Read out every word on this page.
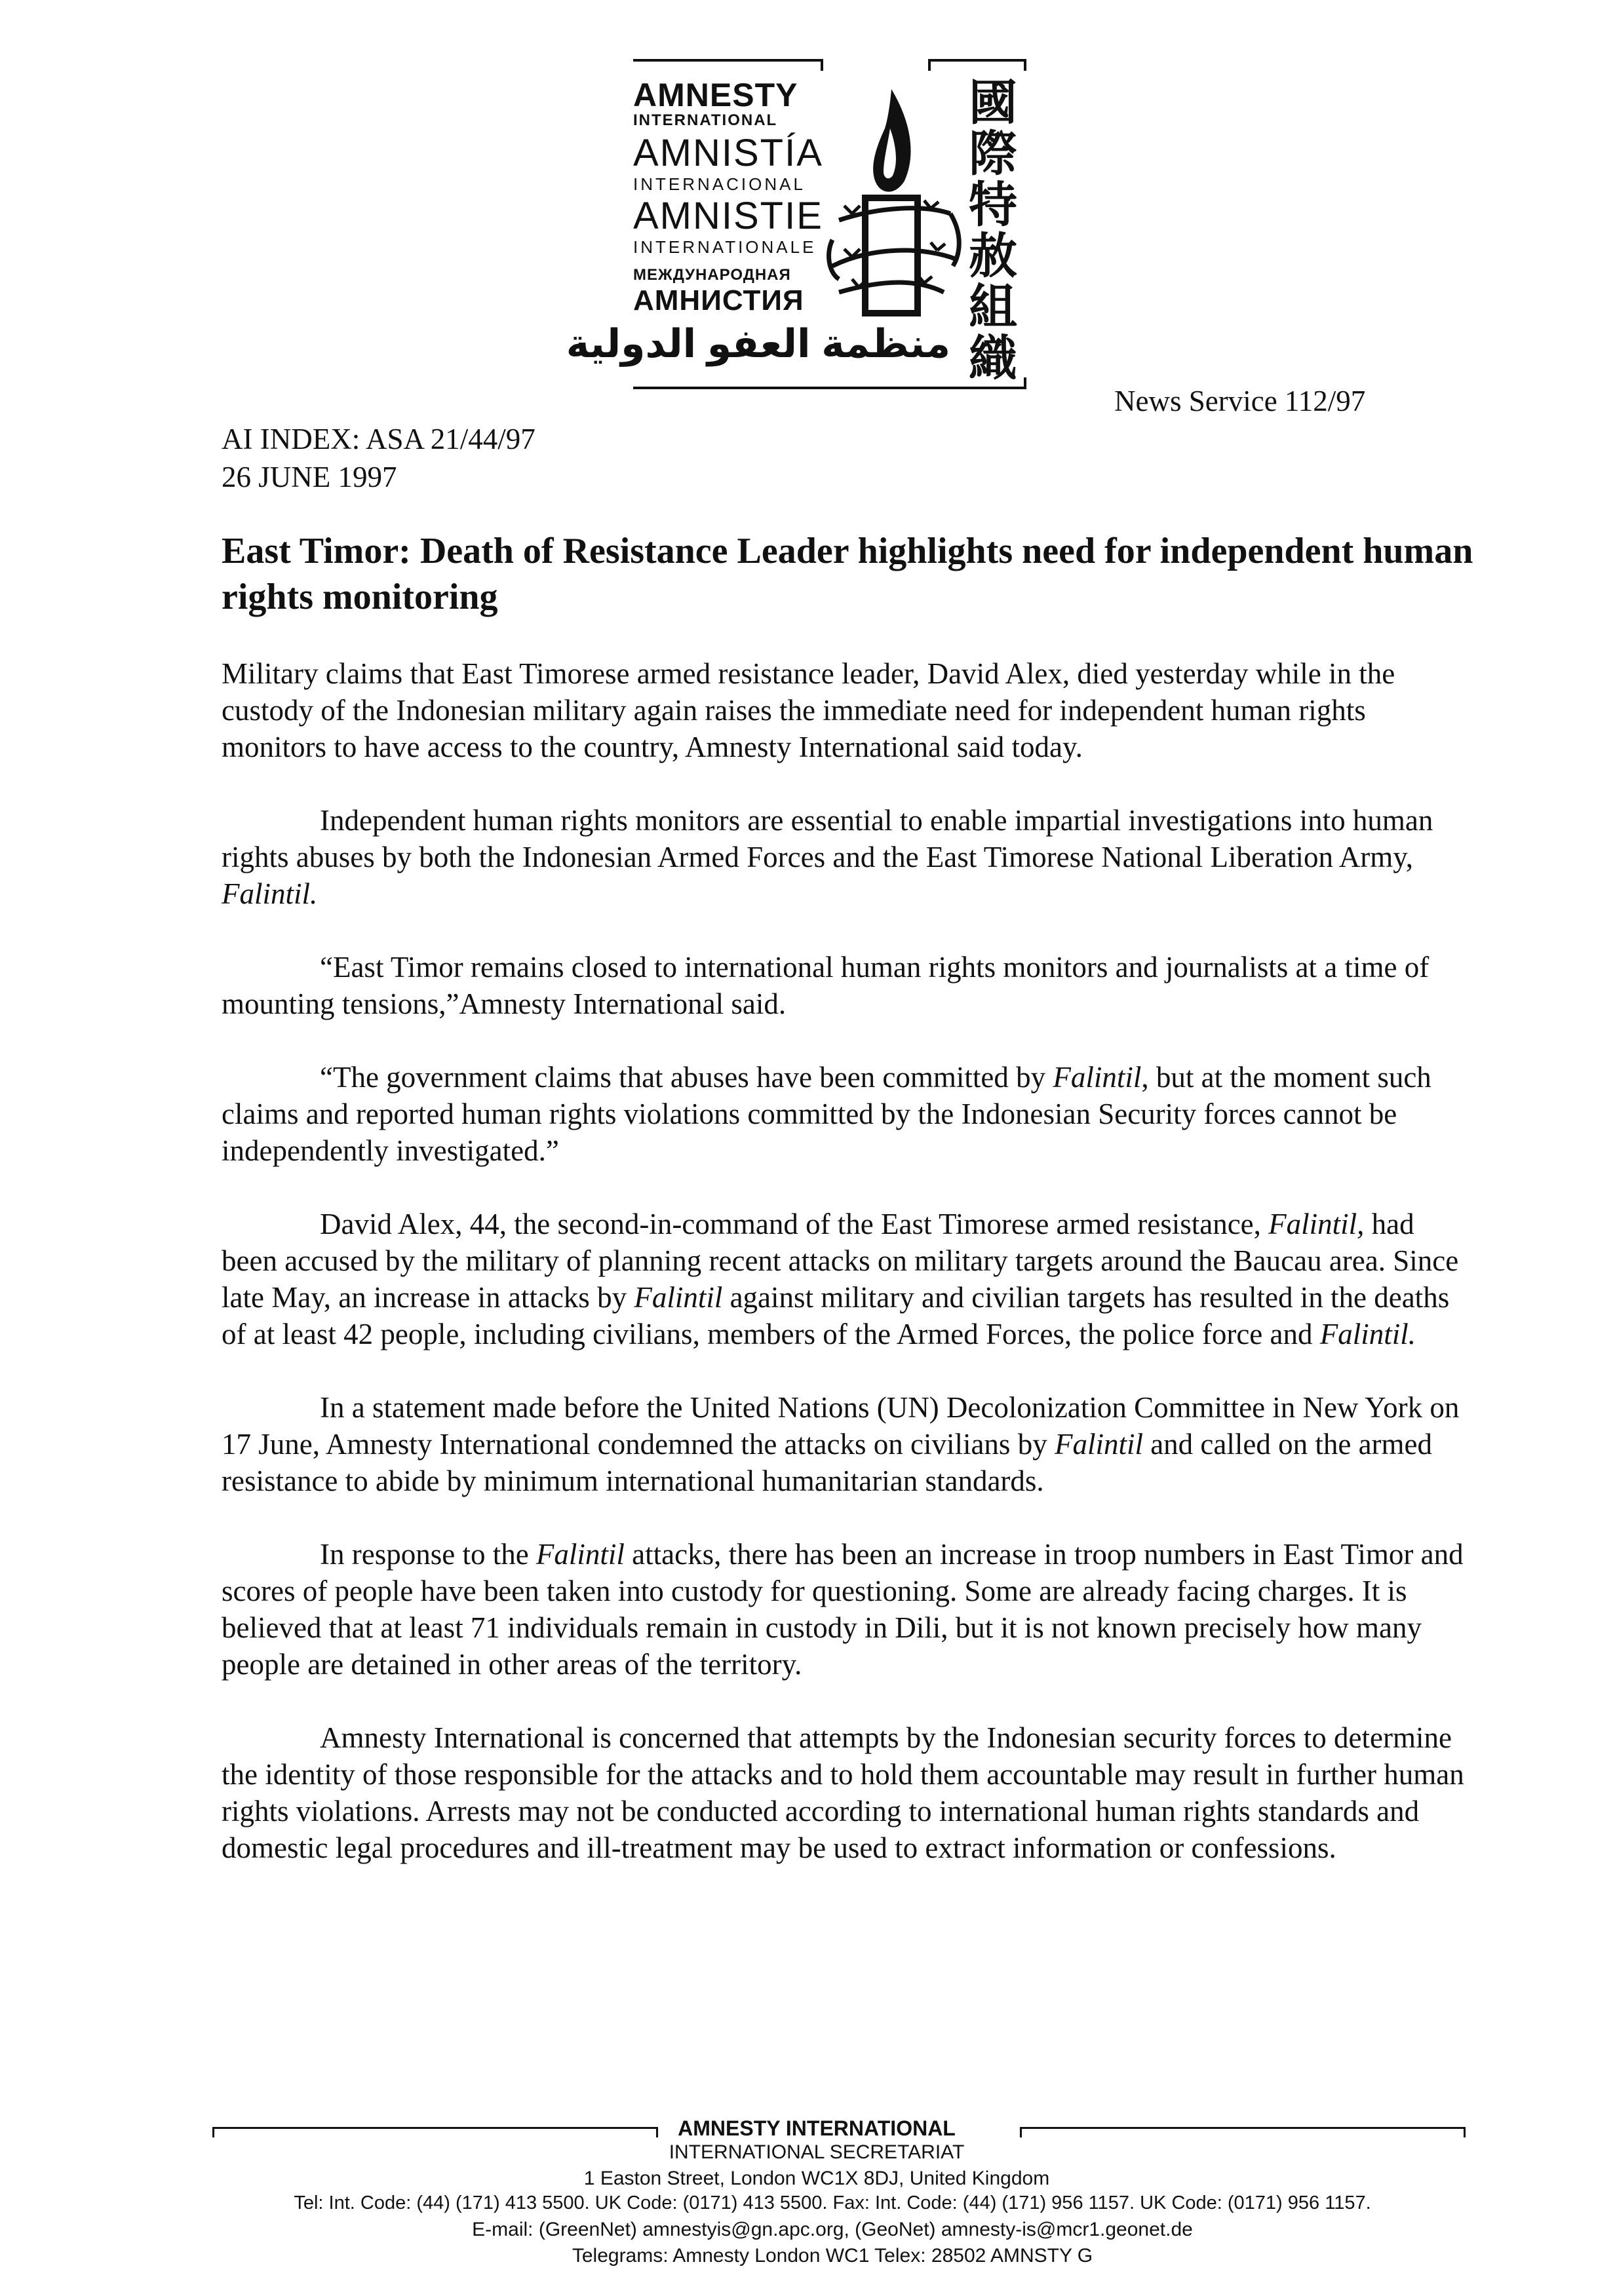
AMNESTY
INTERNATIONAL
AMNISTÍA
INTERNACIONAL
AMNISTIE
INTERNATIONALE
МЕЖДУНАРОДНАЯ
АМНИСТИЯ
منظمة العفو الدولية
國
際
特
赦
組
織
News Service 112/97
AI INDEX: ASA 21/44/97
26 JUNE 1997
East Timor: Death of Resistance Leader highlights need for independent human rights monitoring

Military claims that East Timorese armed resistance leader, David Alex, died yesterday while in the custody of the Indonesian military again raises the immediate need for independent human rights monitors to have access to the country, Amnesty International said today.

Independent human rights monitors are essential to enable impartial investigations into human rights abuses by both the Indonesian Armed Forces and the East Timorese National Liberation Army, Falintil.

“East Timor remains closed to international human rights monitors and journalists at a time of mounting tensions,”Amnesty International said.

“The government claims that abuses have been committed by Falintil, but at the moment such claims and reported human rights violations committed by the Indonesian Security forces cannot be independently investigated.”

David Alex, 44, the second-in-command of the East Timorese armed resistance, Falintil, had been accused by the military of planning recent attacks on military targets around the Baucau area. Since late May, an increase in attacks by Falintil against military and civilian targets has resulted in the deaths of at least 42 people, including civilians, members of the Armed Forces, the police force and Falintil.

In a statement made before the United Nations (UN) Decolonization Committee in New York on 17 June, Amnesty International condemned the attacks on civilians by Falintil and called on the armed resistance to abide by minimum international humanitarian standards.

In response to the Falintil attacks, there has been an increase in troop numbers in East Timor and scores of people have been taken into custody for questioning. Some are already facing charges. It is believed that at least 71 individuals remain in custody in Dili, but it is not known precisely how many people are detained in other areas of the territory.

Amnesty International is concerned that attempts by the Indonesian security forces to determine the identity of those responsible for the attacks and to hold them accountable may result in further human rights violations. Arrests may not be conducted according to international human rights standards and domestic legal procedures and ill-treatment may be used to extract information or confessions.

AMNESTY INTERNATIONAL
INTERNATIONAL SECRETARIAT
1 Easton Street, London WC1X 8DJ, United Kingdom
Tel: Int. Code: (44) (171) 413 5500. UK Code: (0171) 413 5500. Fax: Int. Code: (44) (171) 956 1157. UK Code: (0171) 956 1157.
E-mail: (GreenNet) amnestyis@gn.apc.org, (GeoNet) amnesty-is@mcr1.geonet.de
Telegrams: Amnesty London WC1 Telex: 28502 AMNSTY G
